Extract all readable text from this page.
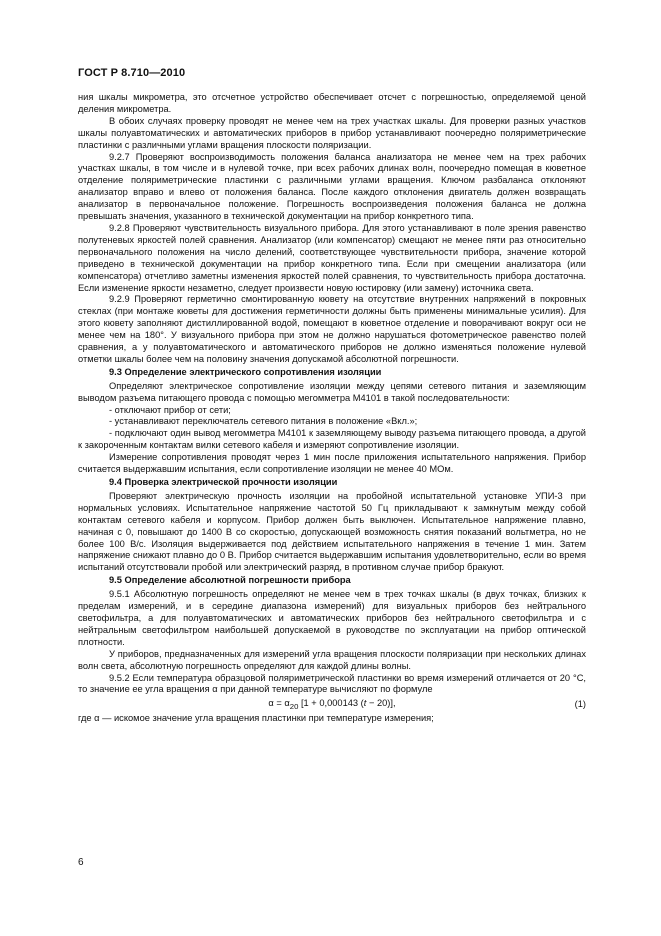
ГОСТ Р 8.710—2010

ния шкалы микрометра, это отсчетное устройство обеспечивает отсчет с погрешностью, определяемой ценой деления микрометра.

В обоих случаях проверку проводят не менее чем на трех участках шкалы. Для проверки разных участков шкалы полуавтоматических и автоматических приборов в прибор устанавливают поочередно поляриметрические пластинки с различными углами вращения плоскости поляризации.

9.2.7 Проверяют воспроизводимость положения баланса анализатора не менее чем на трех рабочих участках шкалы, в том числе и в нулевой точке, при всех рабочих длинах волн, поочередно помещая в кюветное отделение поляриметрические пластинки с различными углами вращения. Ключом разбаланса отклоняют анализатор вправо и влево от положения баланса. После каждого отклонения двигатель должен возвращать анализатор в первоначальное положение. Погрешность воспроизведения положения баланса не должна превышать значения, указанного в технической документации на прибор конкретного типа.

9.2.8 Проверяют чувствительность визуального прибора. Для этого устанавливают в поле зрения равенство полутеневых яркостей полей сравнения. Анализатор (или компенсатор) смещают не менее пяти раз относительно первоначального положения на число делений, соответствующее чувствительности прибора, значение которой приведено в технической документации на прибор конкретного типа. Если при смещении анализатора (или компенсатора) отчетливо заметны изменения яркостей полей сравнения, то чувствительность прибора достаточна. Если изменение яркости незаметно, следует произвести новую юстировку (или замену) источника света.

9.2.9 Проверяют герметично смонтированную кювету на отсутствие внутренних напряжений в покровных стеклах (при монтаже кюветы для достижения герметичности должны быть применены минимальные усилия). Для этого кювету заполняют дистиллированной водой, помещают в кюветное отделение и поворачивают вокруг оси не менее чем на 180°. У визуального прибора при этом не должно нарушаться фотометрическое равенство полей сравнения, а у полуавтоматического и автоматического приборов не должно изменяться положение нулевой отметки шкалы более чем на половину значения допускамой абсолютной погрешности.

9.3 Определение электрического сопротивления изоляции

Определяют электрическое сопротивление изоляции между цепями сетевого питания и заземляющим выводом разъема питающего провода с помощью мегомметра М4101 в такой последовательности:

- отключают прибор от сети;

- устанавливают переключатель сетевого питания в положение «Вкл.»;

- подключают один вывод мегомметра М4101 к заземляющему выводу разъема питающего провода, а другой к закороченным контактам вилки сетевого кабеля и измеряют сопротивление изоляции.

Измерение сопротивления проводят через 1 мин после приложения испытательного напряжения. Прибор считается выдержавшим испытания, если сопротивление изоляции не менее 40 МОм.

9.4 Проверка электрической прочности изоляции

Проверяют электрическую прочность изоляции на пробойной испытательной установке УПИ-3 при нормальных условиях. Испытательное напряжение частотой 50 Гц прикладывают к замкнутым между собой контактам сетевого кабеля и корпусом. Прибор должен быть выключен. Испытательное напряжение плавно, начиная с 0, повышают до 1400 В со скоростью, допускающей возможность снятия показаний вольтметра, но не более 100 В/с. Изоляция выдерживается под действием испытательного напряжения в течение 1 мин. Затем напряжение снижают плавно до 0 В. Прибор считается выдержавшим испытания удовлетворительно, если во время испытаний отсутствовали пробой или электрический разряд, в противном случае прибор бракуют.

9.5 Определение абсолютной погрешности прибора

9.5.1 Абсолютную погрешность определяют не менее чем в трех точках шкалы (в двух точках, близких к пределам измерений, и в середине диапазона измерений) для визуальных приборов без нейтрального светофильтра, а для полуавтоматических и автоматических приборов без нейтрального светофильтра и с нейтральным светофильтром наибольшей допускаемой в руководстве по эксплуатации на прибор оптической плотности.

У приборов, предназначенных для измерений угла вращения плоскости поляризации при нескольких длинах волн света, абсолютную погрешность определяют для каждой длины волны.

9.5.2 Если температура образцовой поляриметрической пластинки во время измерений отличается от 20 °С, то значение ее угла вращения α при данной температуре вычисляют по формуле

$\alpha = \alpha_{20}$ [1 + 0,000143 (t − 20)],	(1)

где α — искомое значение угла вращения пластинки при температуре измерения;

6
